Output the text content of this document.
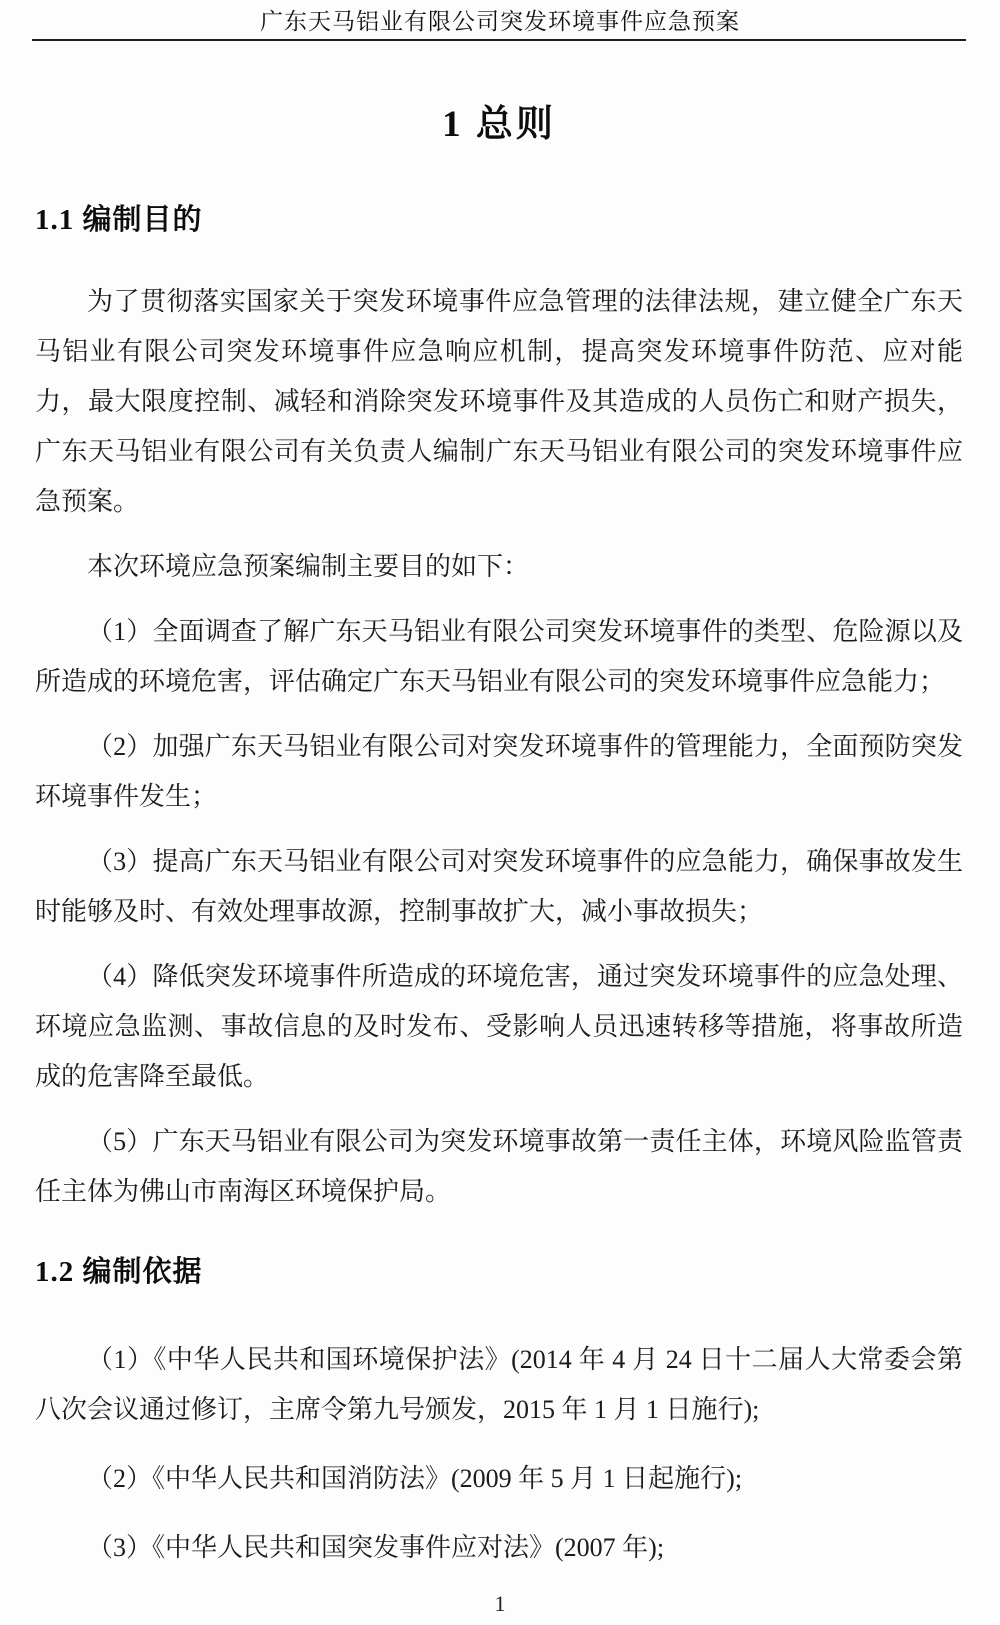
广东天马铝业有限公司突发环境事件应急预案
1 总则
1.1 编制目的

为了贯彻落实国家关于突发环境事件应急管理的法律法规，建立健全广东天马铝业有限公司突发环境事件应急响应机制，提高突发环境事件防范、应对能力，最大限度控制、减轻和消除突发环境事件及其造成的人员伤亡和财产损失，广东天马铝业有限公司有关负责人编制广东天马铝业有限公司的突发环境事件应急预案。

本次环境应急预案编制主要目的如下：

（1）全面调查了解广东天马铝业有限公司突发环境事件的类型、危险源以及所造成的环境危害，评估确定广东天马铝业有限公司的突发环境事件应急能力；

（2）加强广东天马铝业有限公司对突发环境事件的管理能力，全面预防突发环境事件发生；

（3）提高广东天马铝业有限公司对突发环境事件的应急能力，确保事故发生时能够及时、有效处理事故源，控制事故扩大，减小事故损失；

（4）降低突发环境事件所造成的环境危害，通过突发环境事件的应急处理、环境应急监测、事故信息的及时发布、受影响人员迅速转移等措施，将事故所造成的危害降至最低。

（5）广东天马铝业有限公司为突发环境事故第一责任主体，环境风险监管责任主体为佛山市南海区环境保护局。

1.2 编制依据

（1）《中华人民共和国环境保护法》(2014 年 4 月 24 日十二届人大常委会第八次会议通过修订，主席令第九号颁发，2015 年 1 月 1 日施行);

（2）《中华人民共和国消防法》(2009 年 5 月 1 日起施行);

（3）《中华人民共和国突发事件应对法》(2007 年);

1
